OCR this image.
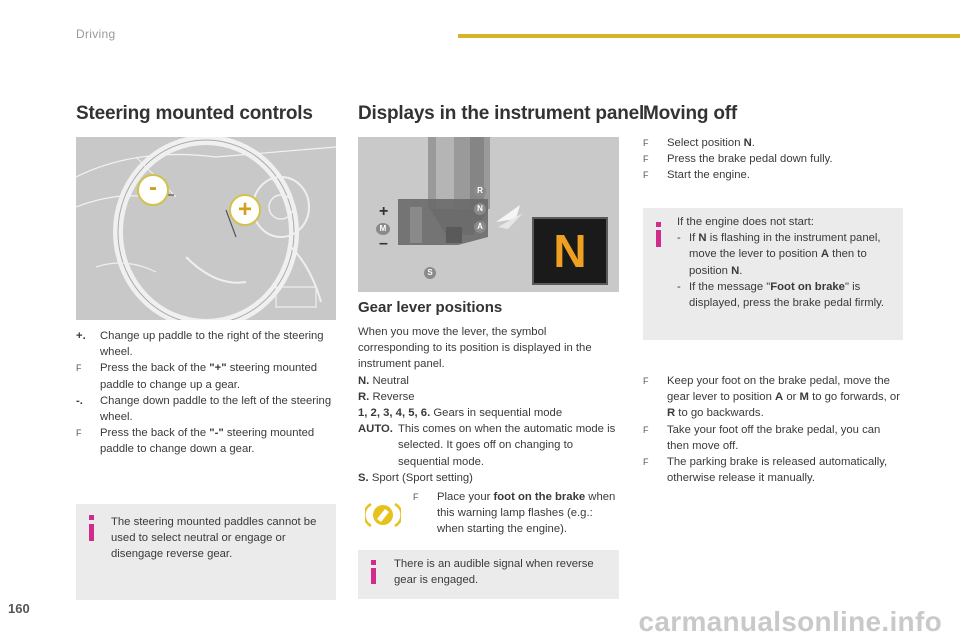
Driving
Steering mounted controls
-
+
+.	Change up paddle to the right of the steering wheel.
F	Press the back of the "+" steering mounted paddle to change up a gear.
-.	Change down paddle to the left of the steering wheel.
F	Press the back of the "-" steering mounted paddle to change down a gear.
The steering mounted paddles cannot be used to select neutral or engage or disengage reverse gear.
Displays in the instrument panel
R
N
A
S
M
+
–	N
Gear lever positions
When you move the lever, the symbol corresponding to its position is displayed in the instrument panel.
N. Neutral
R. Reverse
1, 2, 3, 4, 5, 6. Gears in sequential mode
AUTO. This comes on when the automatic mode is selected. It goes off on changing to sequential mode.
S. Sport (Sport setting)
F	Place your foot on the brake when this warning lamp flashes (e.g.: when starting the engine).
There is an audible signal when reverse gear is engaged.
Moving off
F	Select position N.
F	Press the brake pedal down fully.
F	Start the engine.
If the engine does not start:
- If N is flashing in the instrument panel, move the lever to position A then to position N.
- If the message "Foot on brake" is displayed, press the brake pedal firmly.
F	Keep your foot on the brake pedal, move the gear lever to position A or M to go forwards, or R to go backwards.
F	Take your foot off the brake pedal, you can then move off.
F	The parking brake is released automatically, otherwise release it manually.
160	carmanualsonline.info
